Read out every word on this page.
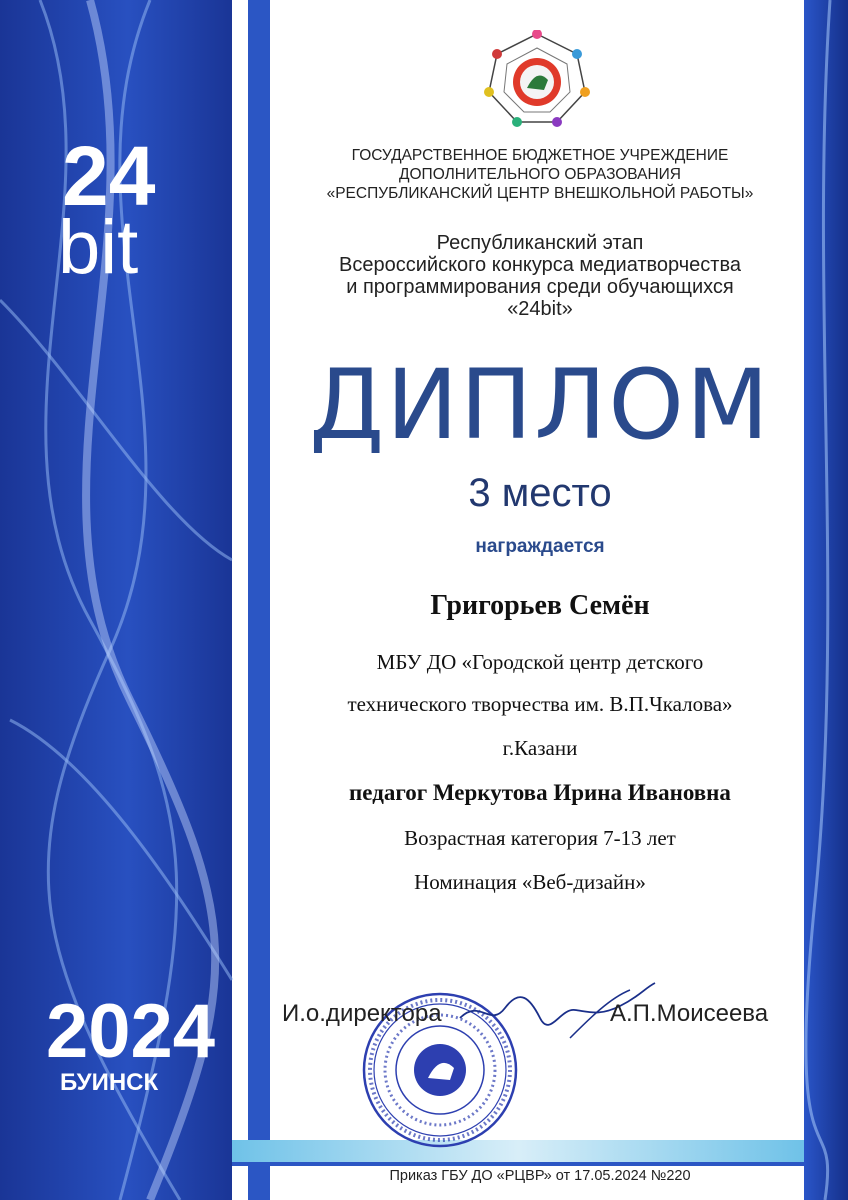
24
bit
2024
БУИНСК
ГОСУДАРСТВЕННОЕ БЮДЖЕТНОЕ УЧРЕЖДЕНИЕ
ДОПОЛНИТЕЛЬНОГО ОБРАЗОВАНИЯ
«РЕСПУБЛИКАНСКИЙ ЦЕНТР ВНЕШКОЛЬНОЙ РАБОТЫ»
Республиканский этап
Всероссийского конкурса медиатворчества
и программирования среди обучающихся
«24bit»
ДИПЛОМ
3 место
награждается
Григорьев Семён
МБУ ДО «Городской центр детского
технического творчества им. В.П.Чкалова»
г.Казани
педагог Меркутова Ирина Ивановна
Возрастная категория 7-13 лет
Номинация «Веб-дизайн»
И.о.директора	А.П.Моисеева
Приказ ГБУ ДО «РЦВР» от 17.05.2024 №220
